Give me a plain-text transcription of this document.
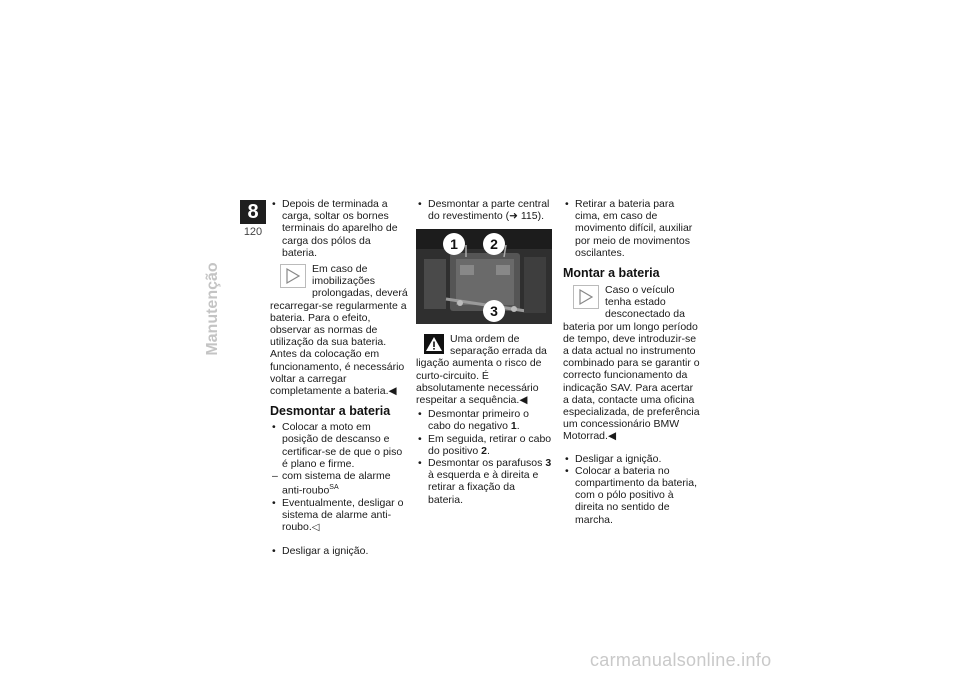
8
120
Manutenção
• Depois de terminada a carga, soltar os bornes terminais do aparelho de carga dos pólos da bateria.
Em caso de imobilizações prolongadas, deverá recarregar-se regularmente a bateria. Para o efeito, observar as normas de utilização da sua bateria. Antes da colocação em funcionamento, é necessário voltar a carregar completamente a bateria.◀
Desmontar a bateria
• Colocar a moto em posição de descanso e certificar-se de que o piso é plano e firme.
– com sistema de alarme anti-roubo$^{SA}$
• Eventualmente, desligar o sistema de alarme anti-roubo.◁
• Desligar a ignição.
• Desmontar a parte central do revestimento (➜ 115).
1	2
3
Uma ordem de separação errada da ligação aumenta o risco de curto-circuito. É absolutamente necessário respeitar a sequência.◀
• Desmontar primeiro o cabo do negativo 1.
• Em seguida, retirar o cabo do positivo 2.
• Desmontar os parafusos 3 à esquerda e à direita e retirar a fixação da bateria.
• Retirar a bateria para cima, em caso de movimento difícil, auxiliar por meio de movimentos oscilantes.
Montar a bateria
Caso o veículo tenha estado desconectado da bateria por um longo período de tempo, deve introduzir-se a data actual no instrumento combinado para se garantir o correcto funcionamento da indicação SAV. Para acertar a data, contacte uma oficina especializada, de preferência um concessionário BMW Motorrad.◀
• Desligar a ignição.
• Colocar a bateria no compartimento da bateria, com o pólo positivo à direita no sentido de marcha.
carmanualsonline.info
